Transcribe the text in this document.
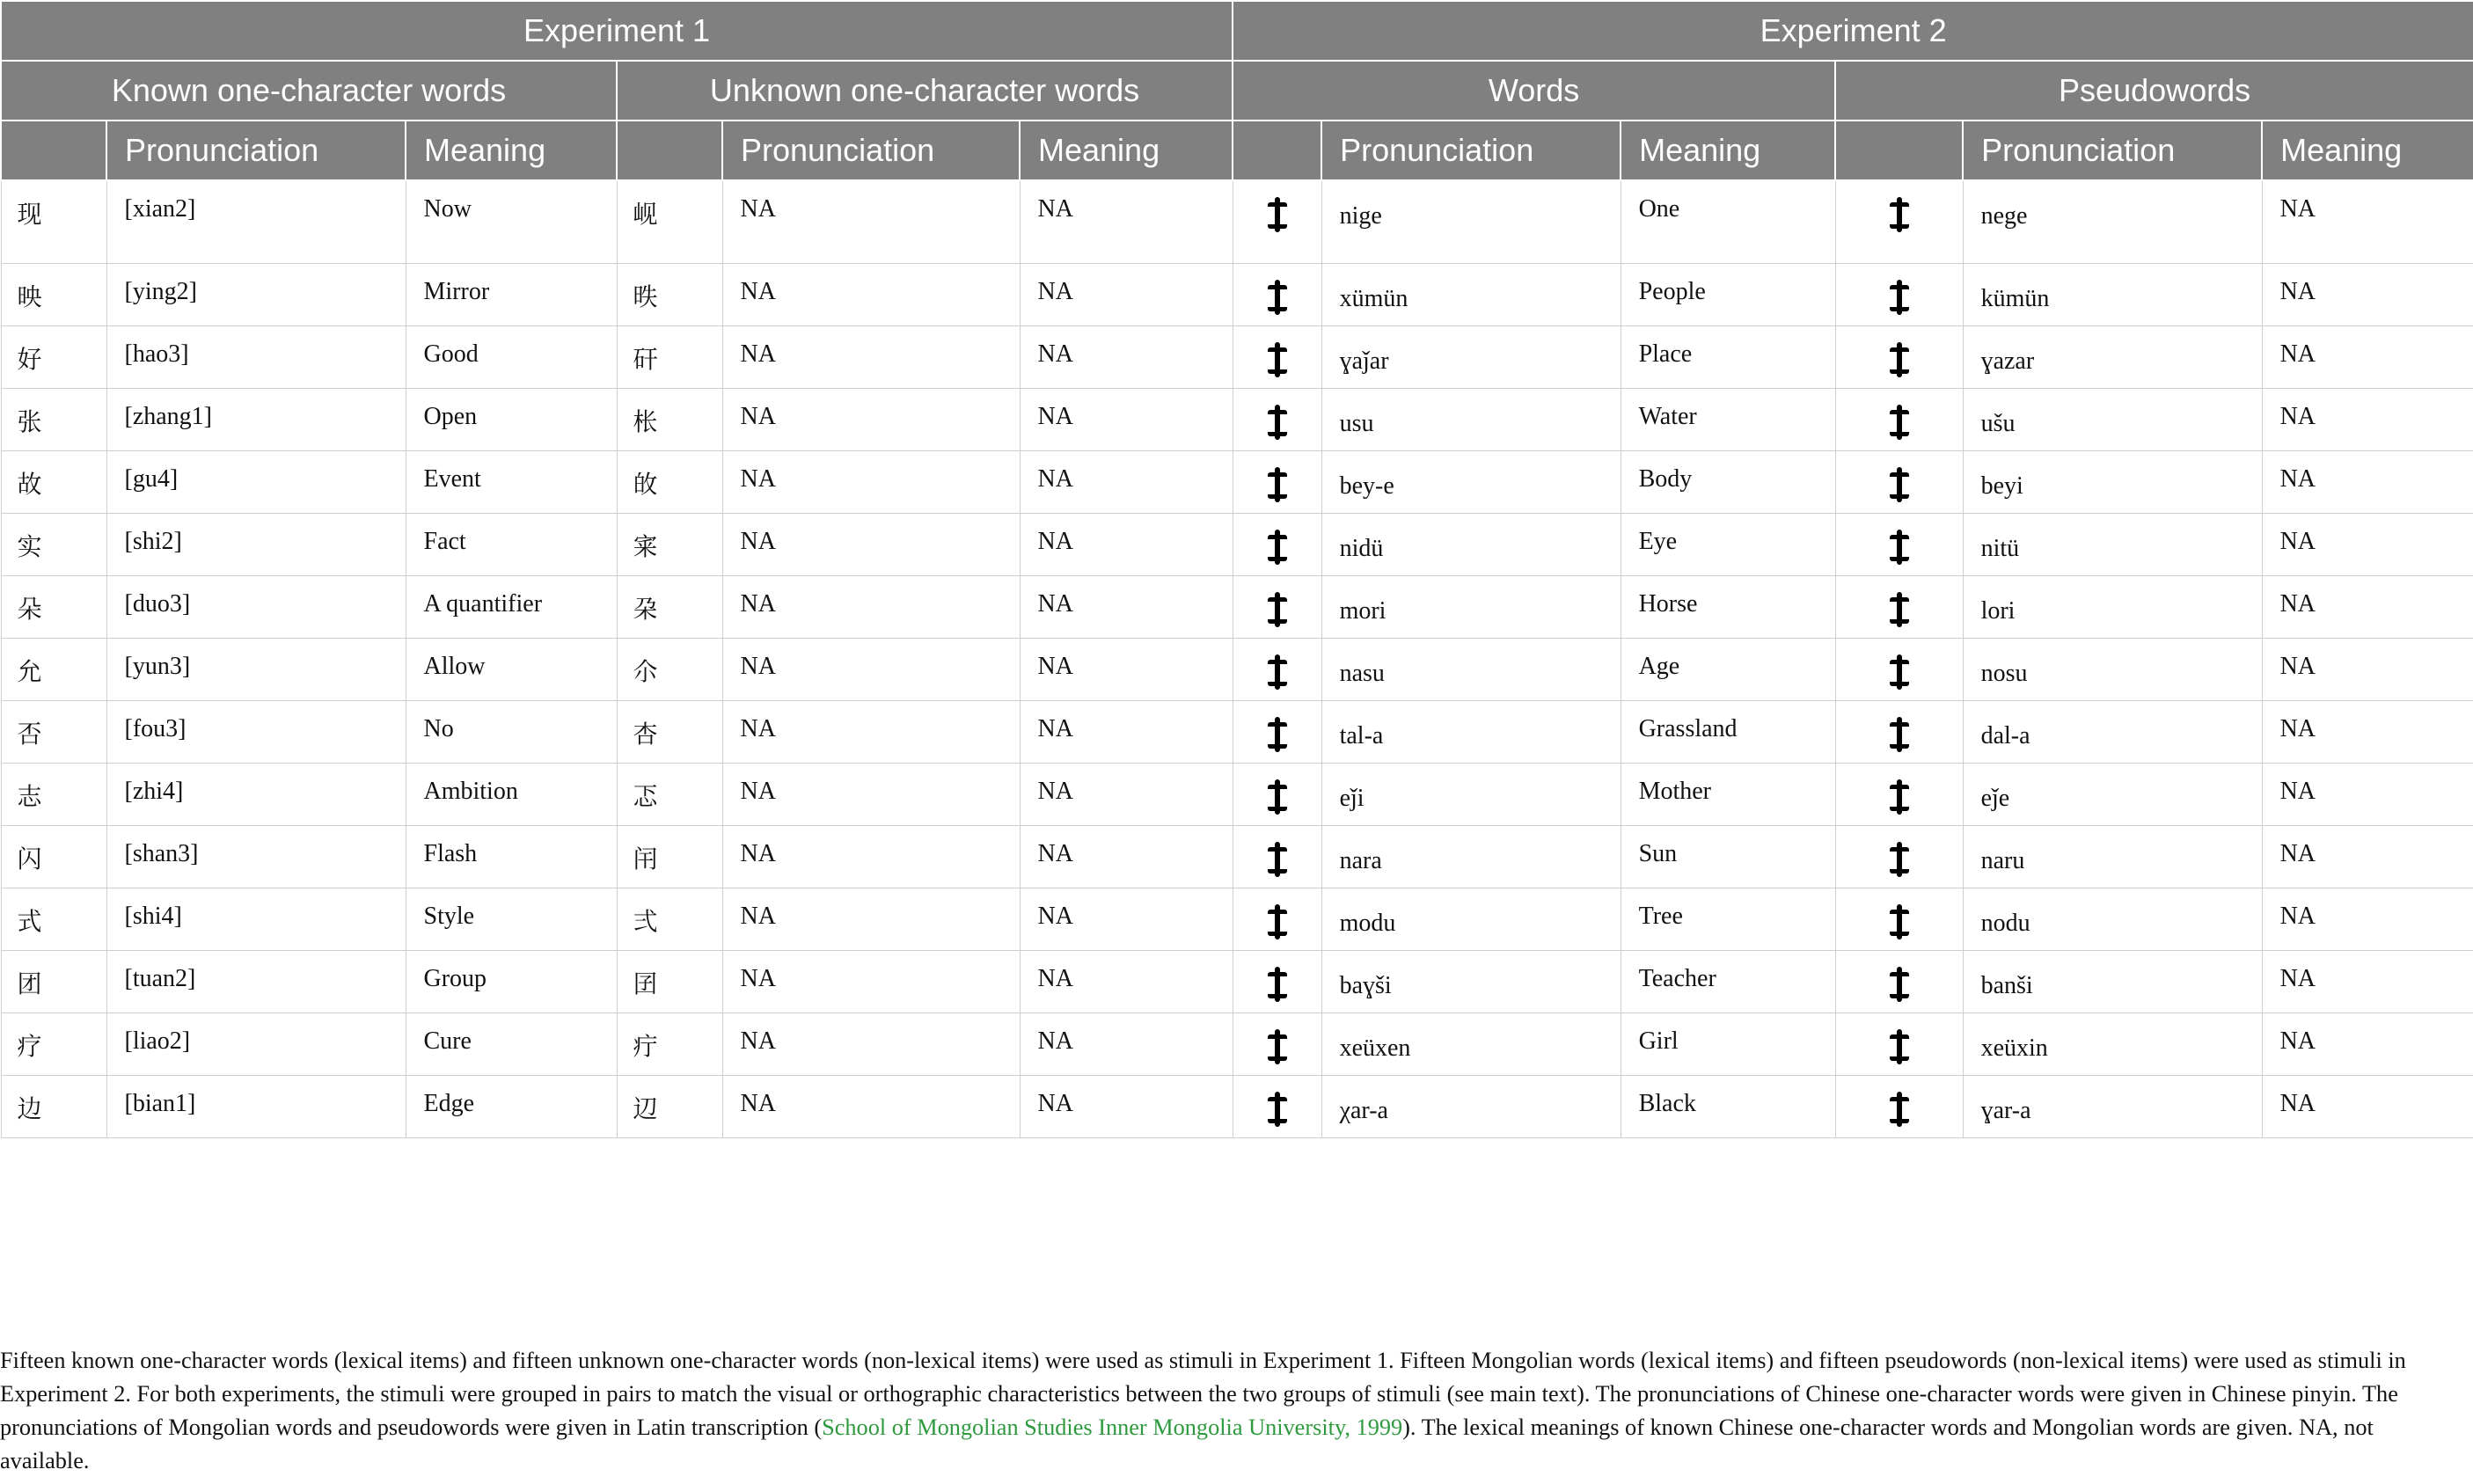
Experiment 1						Experiment 2					
Known one-character words			Unknown one-character words			Words			Pseudowords		
	Pronunciation	Meaning		Pronunciation	Meaning		Pronunciation	Meaning		Pronunciation	Meaning
现	[xian2]	Now	岘	NA	NA		nige	One		nege	NA
映	[ying2]	Mirror	昳	NA	NA		xümün	People		kümün	NA
好	[hao3]	Good	矸	NA	NA		ɣaǰar	Place		ɣazar	NA
张	[zhang1]	Open	枨	NA	NA		usu	Water		ušu	NA
故	[gu4]	Event	敀	NA	NA		bey-e	Body		beyi	NA
实	[shi2]	Fact	宷	NA	NA		nidü	Eye		nitü	NA
朵	[duo3]	A quantifier	朶	NA	NA		mori	Horse		lori	NA
允	[yun3]	Allow	尒	NA	NA		nasu	Age		nosu	NA
否	[fou3]	No	杏	NA	NA		tal-a	Grassland		dal-a	NA
志	[zhi4]	Ambition	忑	NA	NA		eǰi	Mother		eǰe	NA
闪	[shan3]	Flash	闬	NA	NA		nara	Sun		naru	NA
式	[shi4]	Style	弍	NA	NA		modu	Tree		nodu	NA
团	[tuan2]	Group	囝	NA	NA		baɣši	Teacher		banši	NA
疗	[liao2]	Cure	疔	NA	NA		xeüxen	Girl		xeüxin	NA
边	[bian1]	Edge	辺	NA	NA		χar-a	Black		ɣar-a	NA
Fifteen known one-character words (lexical items) and fifteen unknown one-character words (non-lexical items) were used as stimuli in Experiment 1. Fifteen Mongolian words (lexical items) and fifteen pseudowords (non-lexical items) were used as stimuli in Experiment 2. For both experiments, the stimuli were grouped in pairs to match the visual or orthographic characteristics between the two groups of stimuli (see main text). The pronunciations of Chinese one-character words were given in Chinese pinyin. The pronunciations of Mongolian words and pseudowords were given in Latin transcription (School of Mongolian Studies Inner Mongolia University, 1999). The lexical meanings of known Chinese one-character words and Mongolian words are given. NA, not available.
